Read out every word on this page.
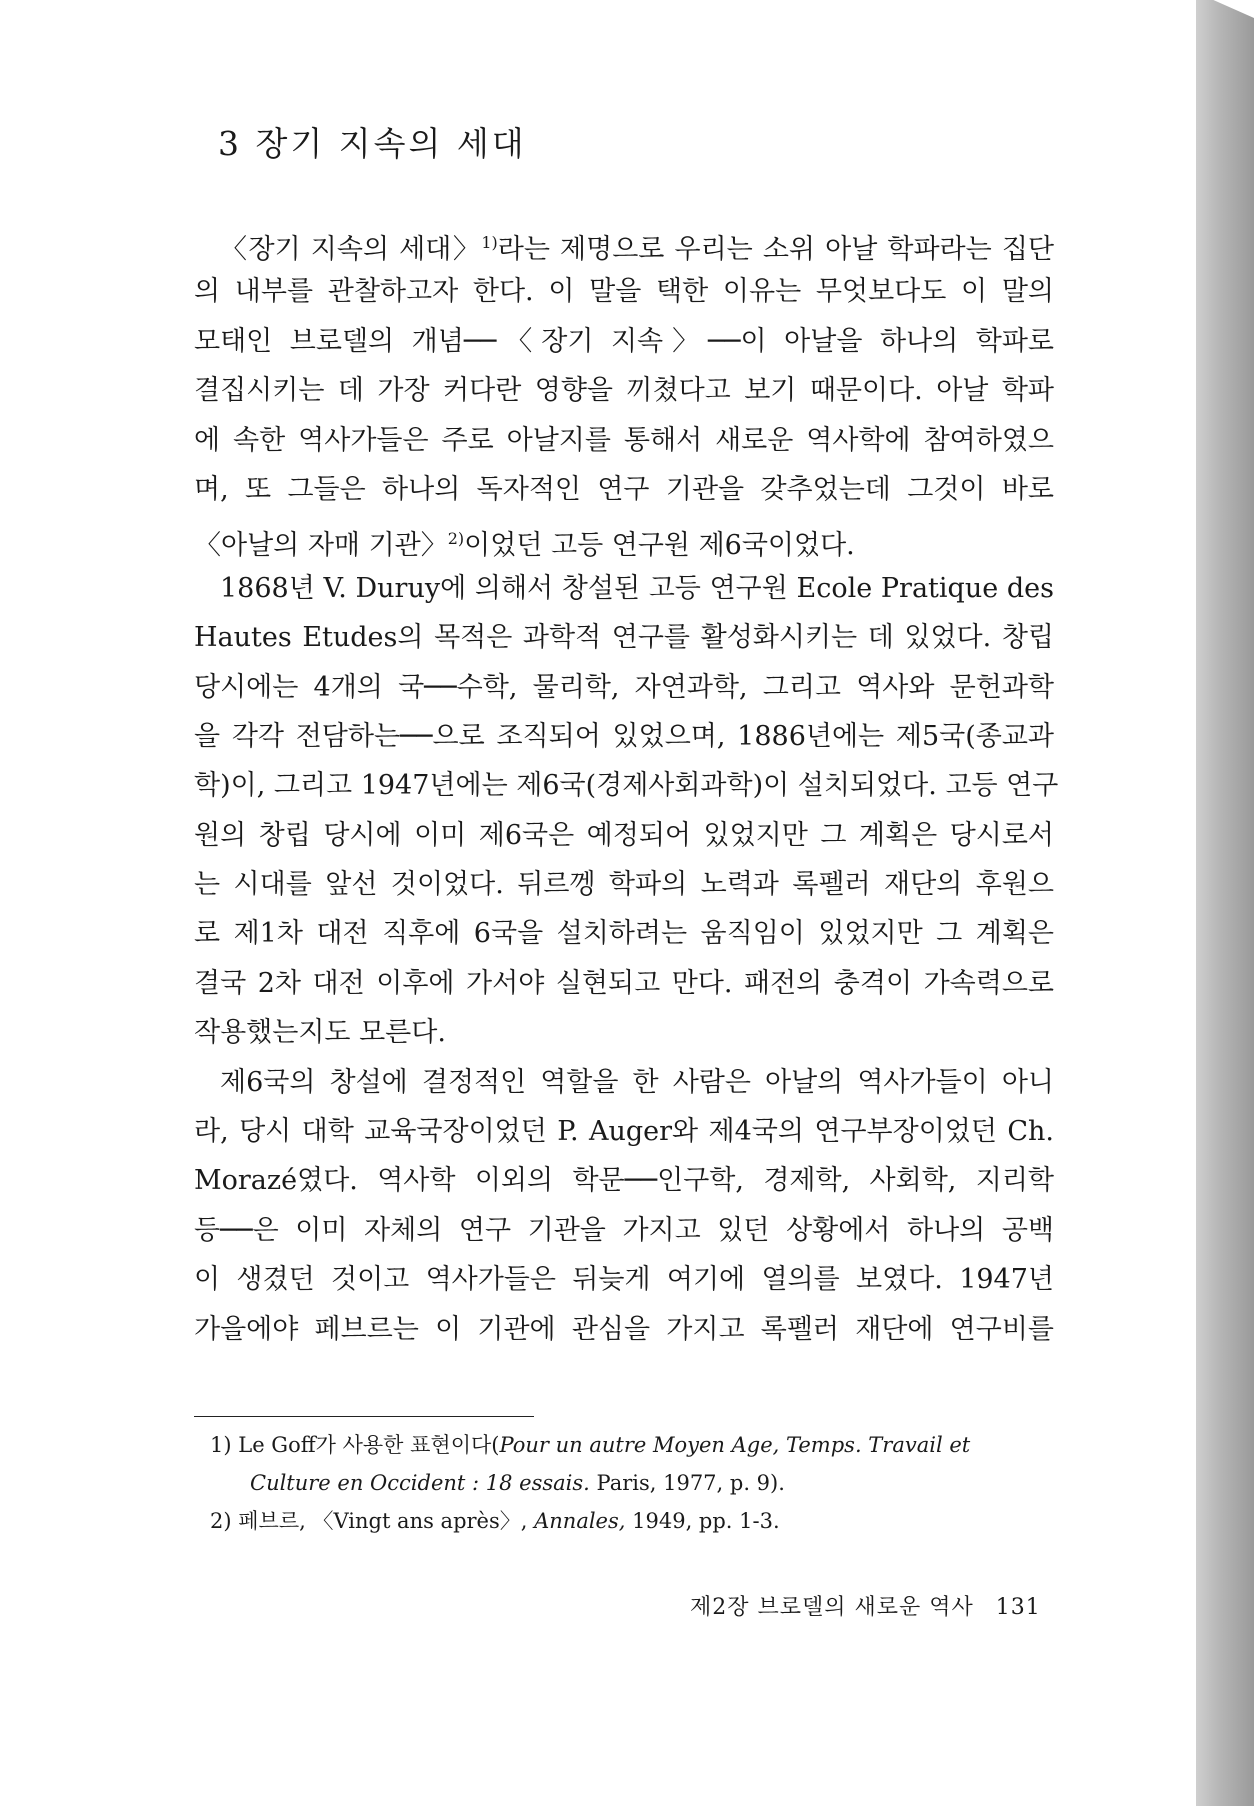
3 장기 지속의 세대
〈장기 지속의 세대〉$^{1)}$라는 제명으로 우리는 소위 아날 학파라는 집단
의 내부를 관찰하고자 한다. 이 말을 택한 이유는 무엇보다도 이 말의
모태인 브로델의 개념──〈장기 지속〉──이 아날을 하나의 학파로
결집시키는 데 가장 커다란 영향을 끼쳤다고 보기 때문이다. 아날 학파
에 속한 역사가들은 주로 아날지를 통해서 새로운 역사학에 참여하였으
며, 또 그들은 하나의 독자적인 연구 기관을 갖추었는데 그것이 바로
〈아날의 자매 기관〉$^{2)}$이었던 고등 연구원 제6국이었다.
1868년 V. Duruy에 의해서 창설된 고등 연구원 Ecole Pratique des
Hautes Etudes의 목적은 과학적 연구를 활성화시키는 데 있었다. 창립
당시에는 4개의 국──수학, 물리학, 자연과학, 그리고 역사와 문헌과학
을 각각 전담하는──으로 조직되어 있었으며, 1886년에는 제5국(종교과
학)이, 그리고 1947년에는 제6국(경제사회과학)이 설치되었다. 고등 연구
원의 창립 당시에 이미 제6국은 예정되어 있었지만 그 계획은 당시로서
는 시대를 앞선 것이었다. 뒤르껭 학파의 노력과 록펠러 재단의 후원으
로 제1차 대전 직후에 6국을 설치하려는 움직임이 있었지만 그 계획은
결국 2차 대전 이후에 가서야 실현되고 만다. 패전의 충격이 가속력으로
작용했는지도 모른다.
제6국의 창설에 결정적인 역할을 한 사람은 아날의 역사가들이 아니
라, 당시 대학 교육국장이었던 P. Auger와 제4국의 연구부장이었던 Ch.
Morazé였다. 역사학 이외의 학문──인구학, 경제학, 사회학, 지리학
등──은 이미 자체의 연구 기관을 가지고 있던 상황에서 하나의 공백
이 생겼던 것이고 역사가들은 뒤늦게 여기에 열의를 보였다. 1947년
가을에야 페브르는 이 기관에 관심을 가지고 록펠러 재단에 연구비를
1) Le Goff가 사용한 표현이다(Pour un autre Moyen Age, Temps. Travail et
Culture en Occident : 18 essais. Paris, 1977, p. 9).
2) 페브르, 〈Vingt ans après〉, Annales, 1949, pp. 1-3.
제2장 브로델의 새로운 역사 131
